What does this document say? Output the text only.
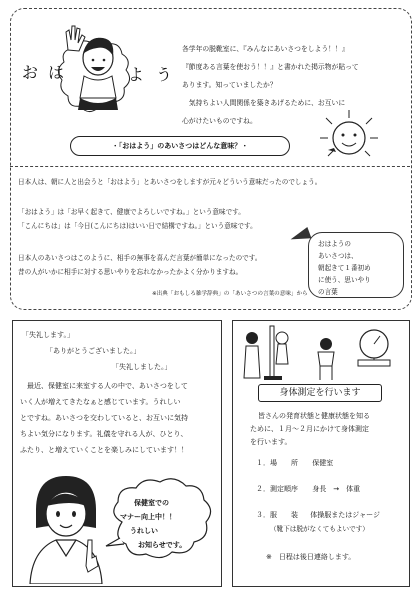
おは	よう
各学年の脱靴室に、『みんなにあいさつをしよう！！』
『節度ある言葉を使おう！！』と書かれた掲示物が貼って
あります。知っていましたか？
　気持ちよい人間関係を築きあげるために、お互いに
心がけたいものですね。
・「おはよう」のあいさつはどんな意味？・
日本人は、朝に人と出会うと「おはよう」とあいさつをしますが元々どういう意味だったのでしょう。
「おはよう」は「お早く起きて、健康でよろしいですね。」という意味です。
「こんにちは」は「今日(こんにちは)はいい日で結構ですね。」という意味です。
日本人のあいさつはこのように、相手の無事を喜んだ言葉が簡単になったのです。
昔の人がいかに相手に対する思いやりを忘れなかったかよく分かりますね。
※出典「おもしろ雑学辞典」の「あいさつの言葉の意味」から
おはようの
あいさつは、
朝起きて１番初め
に使う、思いやり
の言葉
「失礼します。」
「ありがとうございました。」
「失礼しました。」
　最近、保健室に来室する人の中で、あいさつをして
いく人が増えてきたなぁと感じています。うれしい
とですね。あいさつを交わしていると、お互いに気持
ちよい気分になります。礼儀を守れる人が、ひとり、
ふたり、と増えていくことを楽しみにしています！！
保健室での
マナー向上中！！
うれしい
お知らせです。
身体測定を行います
皆さんの発育状態と健康状態を知る
ために、１月～２月にかけて身体測定
を行います。
１．場　　所 保健室
２．測定順序 身長　→　体重
３．服　　装 体操服またはジャージ
（靴下は脱がなくてもよいです）
※　日程は後日連絡します。
